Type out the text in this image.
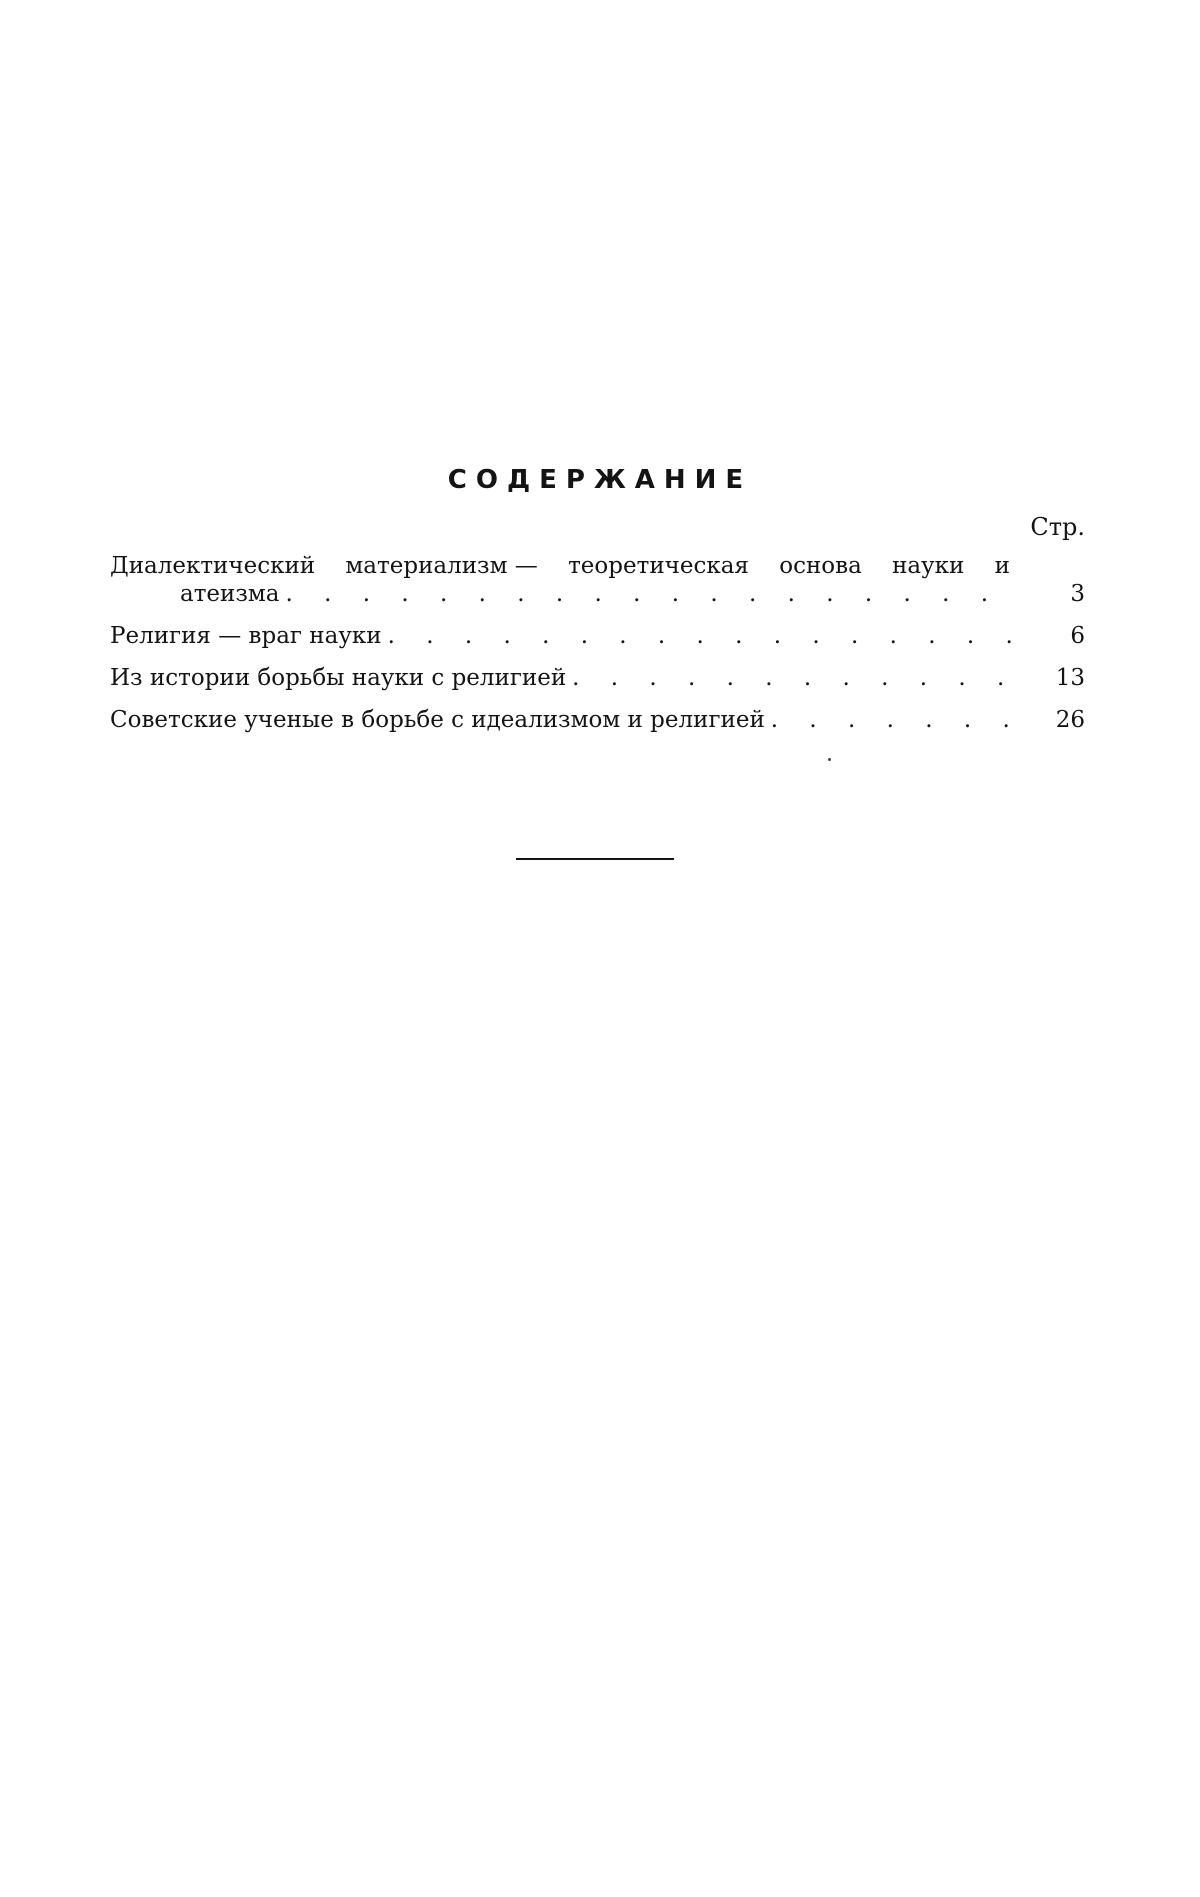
СОДЕРЖАНИЕ
Стр.
Диалектический материализм — теоретическая основа науки и
атеизма . . .	3
Религия — враг науки . . .	6
Из истории борьбы науки с религией . . .	13
Советские ученые в борьбе с идеализмом и религией . . .	26
